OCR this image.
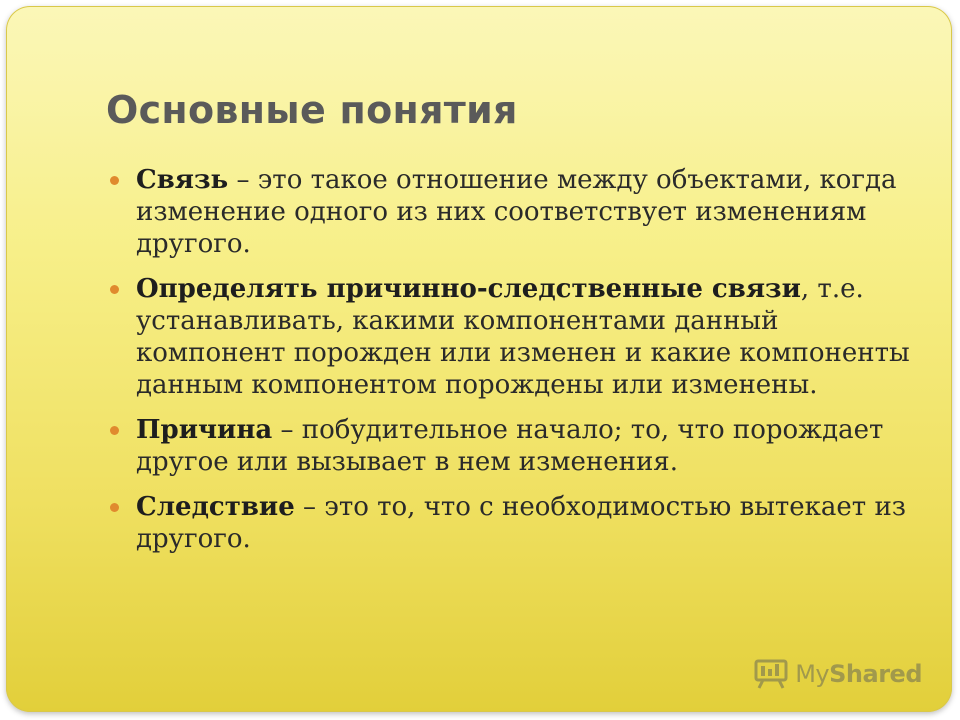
Основные понятия
Связь – это такое отношение между объектами, когда изменение одного из них соответствует изменениям другого.
Определять причинно-следственные связи, т.е. устанавливать, какими компонентами данный компонент порожден или изменен и какие компоненты данным компонентом порождены или изменены.
Причина – побудительное начало; то, что порождает другое или вызывает в нем изменения.
Следствие – это то, что с необходимостью вытекает из другого.
MyShared
